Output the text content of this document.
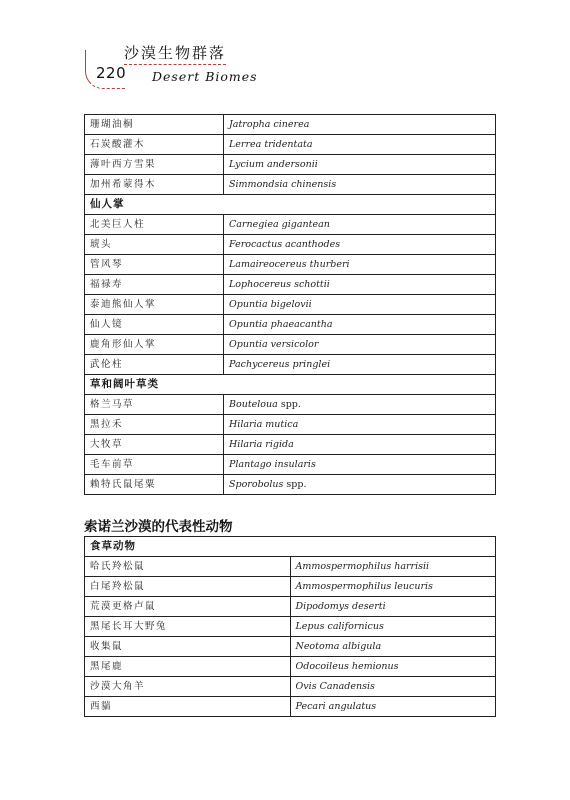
220
沙漠生物群落
Desert Biomes
珊瑚油桐	Jatropha cinerea
石炭酸灌木	Lerrea tridentata
薄叶西方雪果	Lycium andersonii
加州希蒙得木	Simmondsia chinensis
仙人掌	
北美巨人柱	Carnegiea gigantean
琥头	Ferocactus acanthodes
管风琴	Lamaireocereus thurberi
福禄寿	Lophocereus schottii
泰迪熊仙人掌	Opuntia bigelovii
仙人镜	Opuntia phaeacantha
鹿角形仙人掌	Opuntia versicolor
武伦柱	Pachycereus pringlei
草和阔叶草类	
格兰马草	Bouteloua spp.
黑拉禾	Hilaria mutica
大牧草	Hilaria rigida
毛车前草	Plantago insularis
赖特氏鼠尾粟	Sporobolus spp.
索诺兰沙漠的代表性动物
食草动物	
哈氏羚松鼠	Ammospermophilus harrisii
白尾羚松鼠	Ammospermophilus leucuris
荒漠更格卢鼠	Dipodomys deserti
黑尾长耳大野兔	Lepus californicus
收集鼠	Neotoma albigula
黑尾鹿	Odocoileus hemionus
沙漠大角羊	Ovis Canadensis
西貒	Pecari angulatus
